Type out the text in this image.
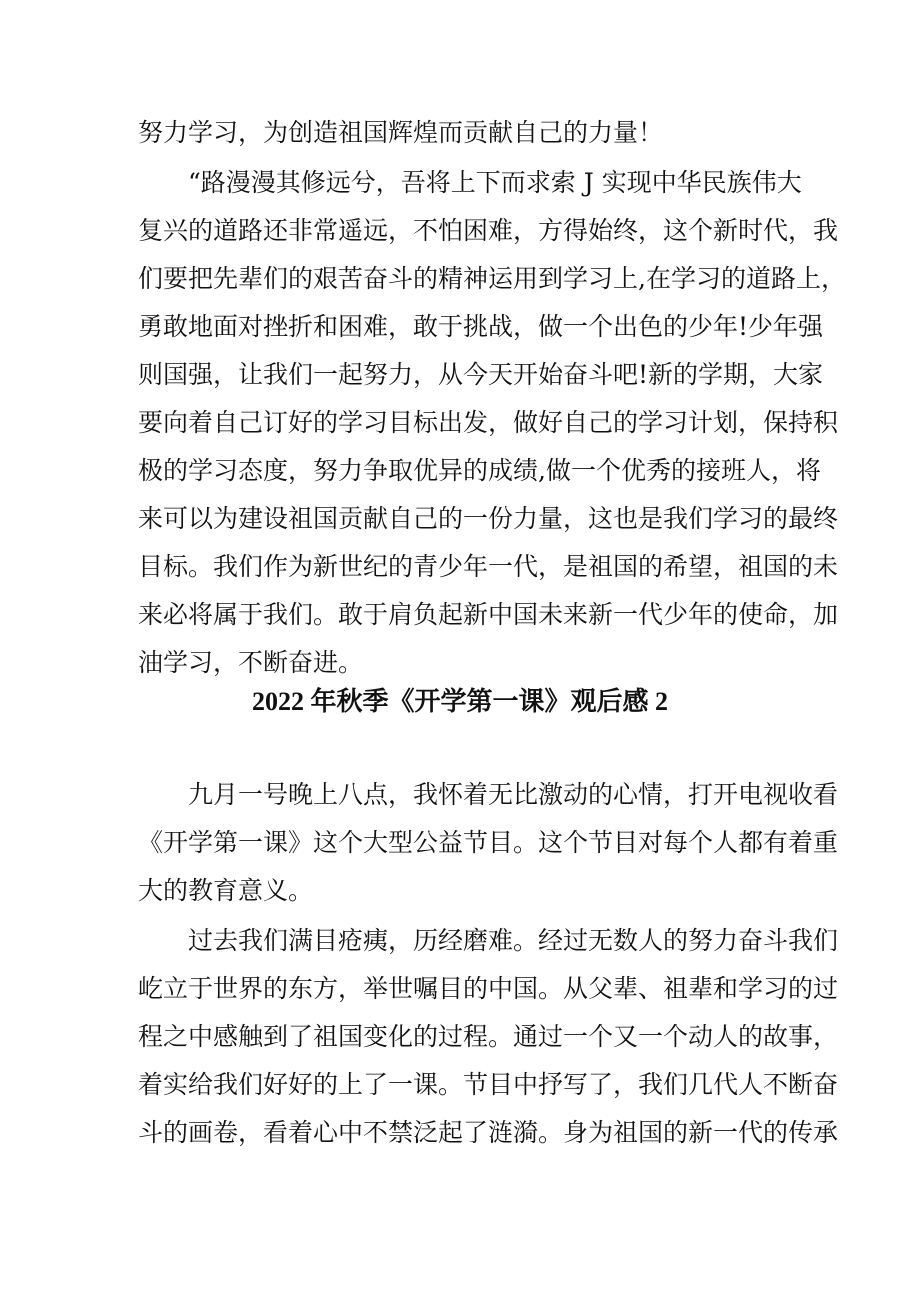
努力学习，为创造祖国辉煌而贡献自己的力量！
“路漫漫其修远兮，吾将上下而求索 J 实现中华民族伟大
复兴的道路还非常遥远，不怕困难，方得始终，这个新时代，我
们要把先辈们的艰苦奋斗的精神运用到学习上,在学习的道路上，
勇敢地面对挫折和困难，敢于挑战，做一个出色的少年!少年强
则国强，让我们一起努力，从今天开始奋斗吧!新的学期，大家
要向着自己订好的学习目标出发，做好自己的学习计划，保持积
极的学习态度，努力争取优异的成绩,做一个优秀的接班人，将
来可以为建设祖国贡献自己的一份力量，这也是我们学习的最终
目标。我们作为新世纪的青少年一代，是祖国的希望，祖国的未
来必将属于我们。敢于肩负起新中国未来新一代少年的使命，加
油学习，不断奋进。
2022 年秋季《开学第一课》观后感 2
九月一号晚上八点，我怀着无比激动的心情，打开电视收看
《开学第一课》这个大型公益节目。这个节目对每个人都有着重
大的教育意义。
过去我们满目疮痍，历经磨难。经过无数人的努力奋斗我们
屹立于世界的东方，举世嘱目的中国。从父辈、祖辈和学习的过
程之中感触到了祖国变化的过程。通过一个又一个动人的故事，
着实给我们好好的上了一课。节目中抒写了，我们几代人不断奋
斗的画卷，看着心中不禁泛起了涟漪。身为祖国的新一代的传承
